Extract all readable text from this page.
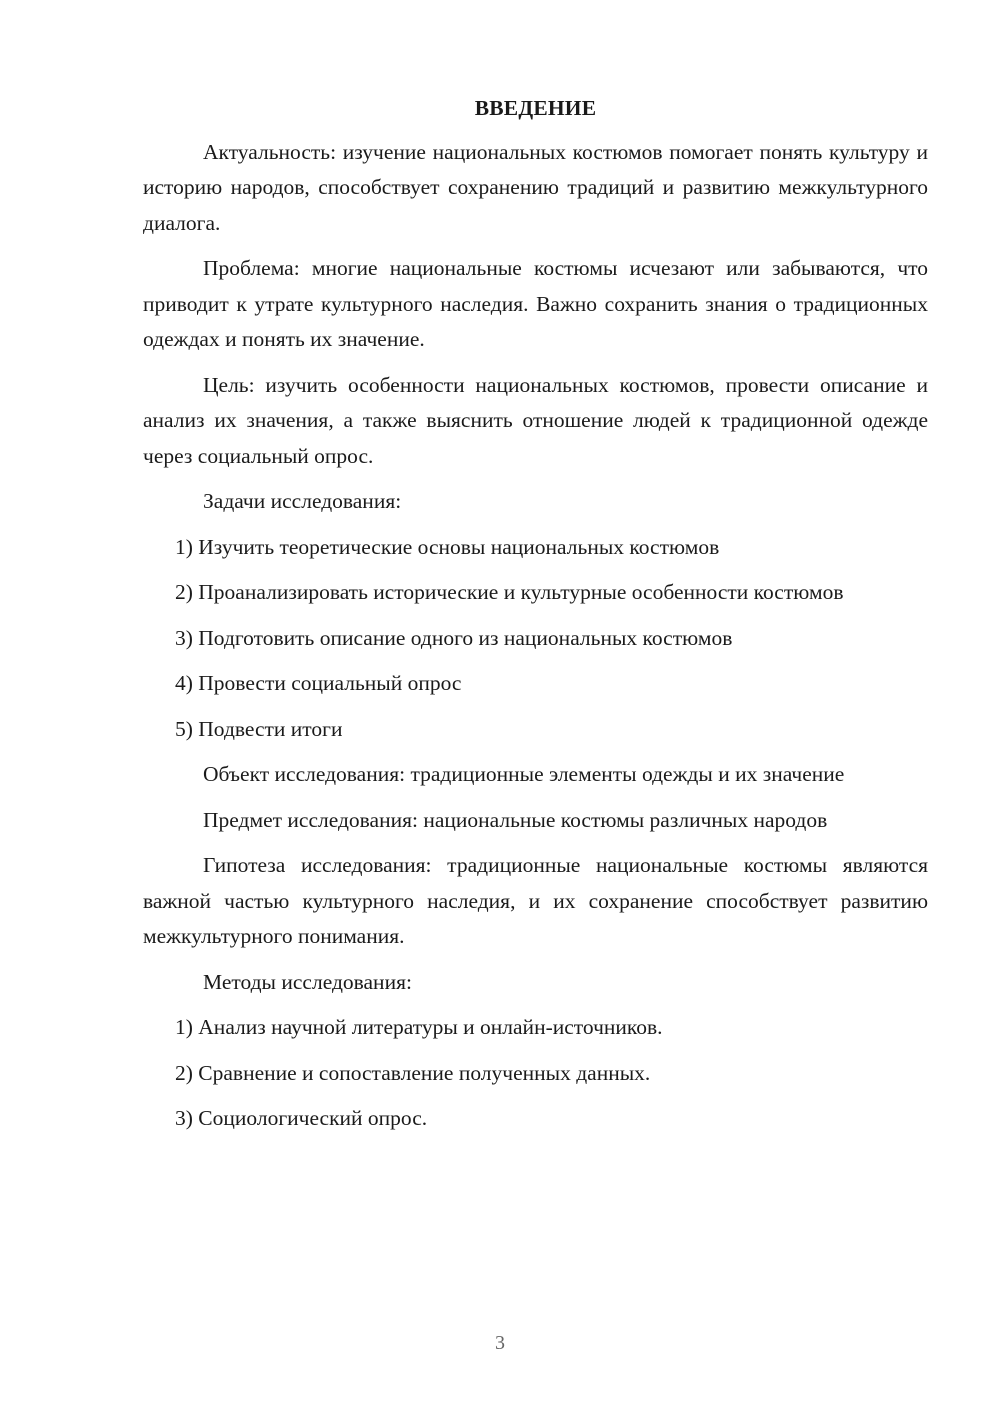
ВВЕДЕНИЕ

Актуальность: изучение национальных костюмов помогает понять культуру и историю народов, способствует сохранению традиций и развитию межкультурного диалога.

Проблема: многие национальные костюмы исчезают или забываются, что приводит к утрате культурного наследия. Важно сохранить знания о традиционных одеждах и понять их значение.

Цель: изучить особенности национальных костюмов, провести описание и анализ их значения, а также выяснить отношение людей к традиционной одежде через социальный опрос.

Задачи исследования:

1) Изучить теоретические основы национальных костюмов

2) Проанализировать исторические и культурные особенности костюмов

3) Подготовить описание одного из национальных костюмов

4) Провести социальный опрос

5) Подвести итоги

Объект исследования: традиционные элементы одежды и их значение

Предмет исследования: национальные костюмы различных народов

Гипотеза исследования: традиционные национальные костюмы являются важной частью культурного наследия, и их сохранение способствует развитию межкультурного понимания.

Методы исследования:

1) Анализ научной литературы и онлайн-источников.

2) Сравнение и сопоставление полученных данных.

3) Социологический опрос.

3
